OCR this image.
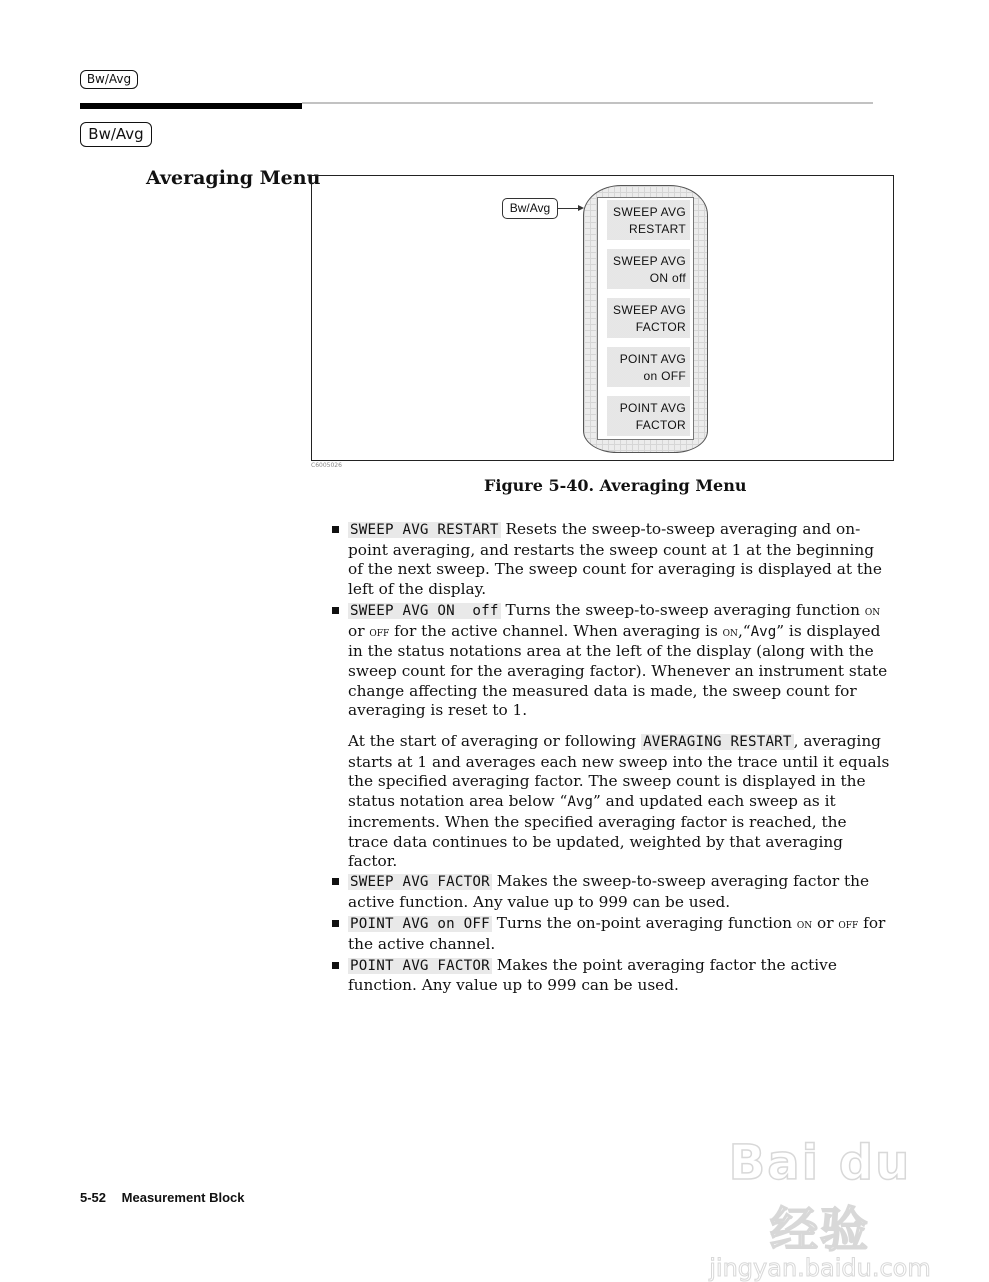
Bw/Avg
Bw/Avg
Averaging Menu
Bw/Avg	SWEEP AVG
RESTART
SWEEP AVG
ON off
SWEEP AVG
FACTOR
POINT AVG
on OFF
POINT AVG
FACTOR
C6005026
Figure 5-40. Averaging Menu
SWEEP AVG RESTART Resets the sweep-to-sweep averaging and on-point averaging, and restarts the sweep count at 1 at the beginning of the next sweep. The sweep count for averaging is displayed at the left of the display.
SWEEP AVG ON  off Turns the sweep-to-sweep averaging function on or off for the active channel. When averaging is on,“Avg” is displayed in the status notations area at the left of the display (along with the sweep count for the averaging factor). Whenever an instrument state change affecting the measured data is made, the sweep count for averaging is reset to 1.
At the start of averaging or following AVERAGING RESTART , averaging starts at 1 and averages each new sweep into the trace until it equals the specified averaging factor. The sweep count is displayed in the status notation area below “Avg” and updated each sweep as it increments. When the specified averaging factor is reached, the trace data continues to be updated, weighted by that averaging factor.
SWEEP AVG FACTOR Makes the sweep-to-sweep averaging factor the active function. Any value up to 999 can be used.
POINT AVG on OFF Turns the on-point averaging function on or off for the active channel.
POINT AVG FACTOR Makes the point averaging factor the active function. Any value up to 999 can be used.
5-52 Measurement Block
Bai du 经验
jingyan.baidu.com
